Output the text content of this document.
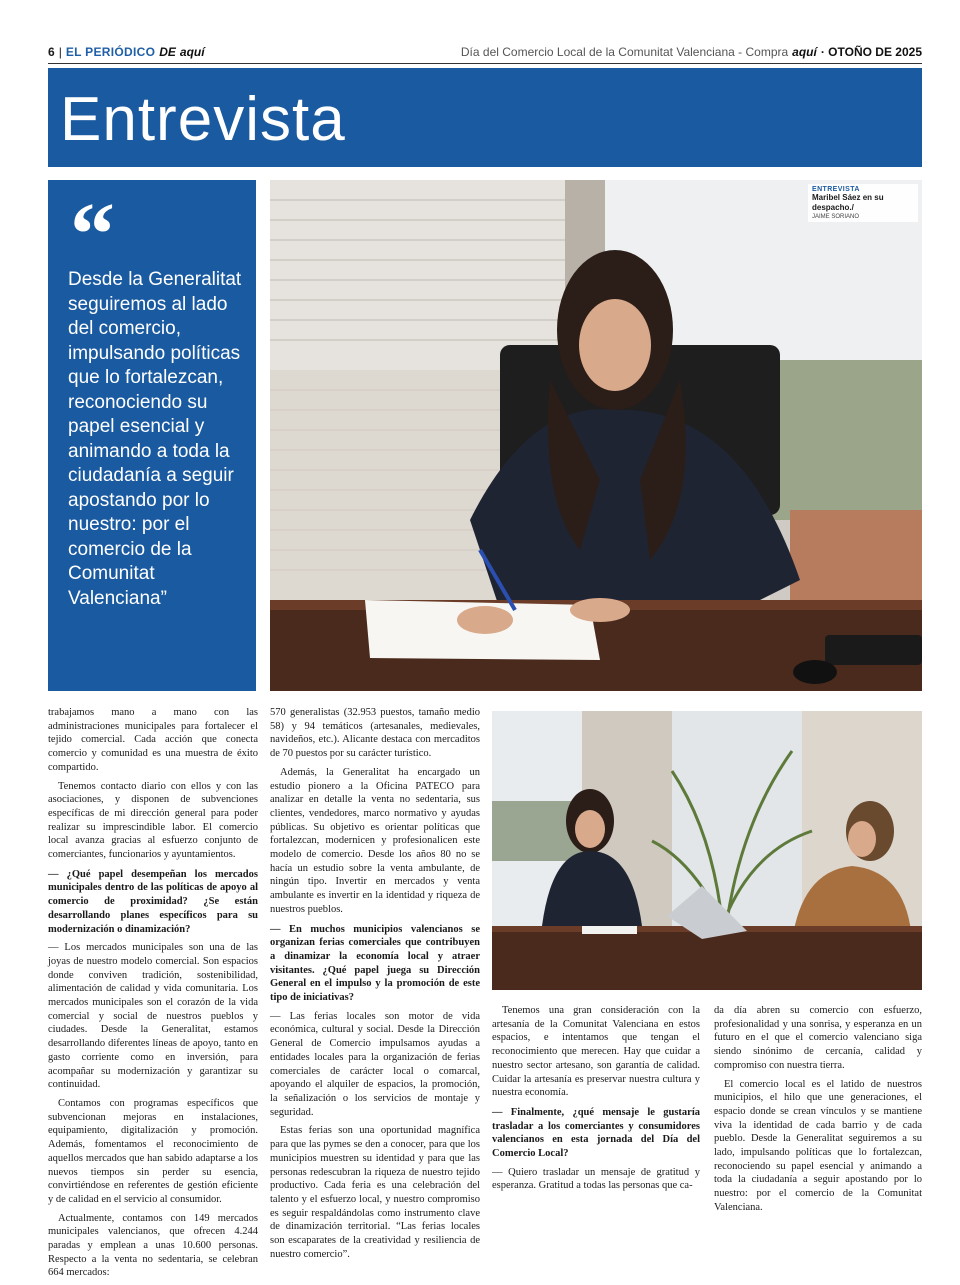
6 | EL PERIÓDICO DE aquí	Día del Comercio Local de la Comunitat Valenciana - Compra aquí · OTOÑO DE 2025
Entrevista
“
Desde la Generalitat seguiremos al lado del comercio, impulsando políticas que lo fortalezcan, reconociendo su papel esencial y animando a toda la ciudadanía a seguir apostando por lo nuestro: por el comercio de la Comunitat Valenciana”
ENTREVISTA
Maribel Sáez en su despacho./
JAIME SORIANO

trabajamos mano a mano con las administraciones municipales para fortalecer el tejido comercial. Cada acción que conecta comercio y comunidad es una muestra de éxito compartido.

Tenemos contacto diario con ellos y con las asociaciones, y disponen de subvenciones específicas de mi dirección general para poder realizar su imprescindible labor. El comercio local avanza gracias al esfuerzo conjunto de comerciantes, funcionarios y ayuntamientos.

— ¿Qué papel desempeñan los mercados municipales dentro de las políticas de apoyo al comercio de proximidad? ¿Se están desarrollando planes específicos para su modernización o dinamización?

— Los mercados municipales son una de las joyas de nuestro modelo comercial. Son espacios donde conviven tradición, sostenibilidad, alimentación de calidad y vida comunitaria. Los mercados municipales son el corazón de la vida comercial y social de nuestros pueblos y ciudades. Desde la Generalitat, estamos desarrollando diferentes líneas de apoyo, tanto en gasto corriente como en inversión, para acompañar su modernización y garantizar su continuidad.

Contamos con programas específicos que subvencionan mejoras en instalaciones, equipamiento, digitalización y promoción. Además, fomentamos el reconocimiento de aquellos mercados que han sabido adaptarse a los nuevos tiempos sin perder su esencia, convirtiéndose en referentes de gestión eficiente y de calidad en el servicio al consumidor.

Actualmente, contamos con 149 mercados municipales valencianos, que ofrecen 4.244 paradas y emplean a unas 10.600 personas. Respecto a la venta no sedentaria, se celebran 664 mercados:

570 generalistas (32.953 puestos, tamaño medio 58) y 94 temáticos (artesanales, medievales, navideños, etc.). Alicante destaca con mercaditos de 70 puestos por su carácter turístico.

Además, la Generalitat ha encargado un estudio pionero a la Oficina PATECO para analizar en detalle la venta no sedentaria, sus clientes, vendedores, marco normativo y ayudas públicas. Su objetivo es orientar políticas que fortalezcan, modernicen y profesionalicen este modelo de comercio. Desde los años 80 no se hacía un estudio sobre la venta ambulante, de ningún tipo. Invertir en mercados y venta ambulante es invertir en la identidad y riqueza de nuestros pueblos.

— En muchos municipios valencianos se organizan ferias comerciales que contribuyen a dinamizar la economía local y atraer visitantes. ¿Qué papel juega su Dirección General en el impulso y la promoción de este tipo de iniciativas?

— Las ferias locales son motor de vida económica, cultural y social. Desde la Dirección General de Comercio impulsamos ayudas a entidades locales para la organización de ferias comerciales de carácter local o comarcal, apoyando el alquiler de espacios, la promoción, la señalización o los servicios de montaje y seguridad.

Estas ferias son una oportunidad magnífica para que las pymes se den a conocer, para que los municipios muestren su identidad y para que las personas redescubran la riqueza de nuestro tejido productivo. Cada feria es una celebración del talento y el esfuerzo local, y nuestro compromiso es seguir respaldándolas como instrumento clave de dinamización territorial. “Las ferias locales son escaparates de la creatividad y resiliencia de nuestro comercio”.

Tenemos una gran consideración con la artesanía de la Comunitat Valenciana en estos espacios, e intentamos que tengan el reconocimiento que merecen. Hay que cuidar a nuestro sector artesano, son garantía de calidad. Cuidar la artesanía es preservar nuestra cultura y nuestra economía.

— Finalmente, ¿qué mensaje le gustaría trasladar a los comerciantes y consumidores valencianos en esta jornada del Día del Comercio Local?

— Quiero trasladar un mensaje de gratitud y esperanza. Gratitud a todas las personas que ca-

da día abren su comercio con esfuerzo, profesionalidad y una sonrisa, y esperanza en un futuro en el que el comercio valenciano siga siendo sinónimo de cercanía, calidad y compromiso con nuestra tierra.

El comercio local es el latido de nuestros municipios, el hilo que une generaciones, el espacio donde se crean vínculos y se mantiene viva la identidad de cada barrio y de cada pueblo. Desde la Generalitat seguiremos a su lado, impulsando políticas que lo fortalezcan, reconociendo su papel esencial y animando a toda la ciudadanía a seguir apostando por lo nuestro: por el comercio de la Comunitat Valenciana.
